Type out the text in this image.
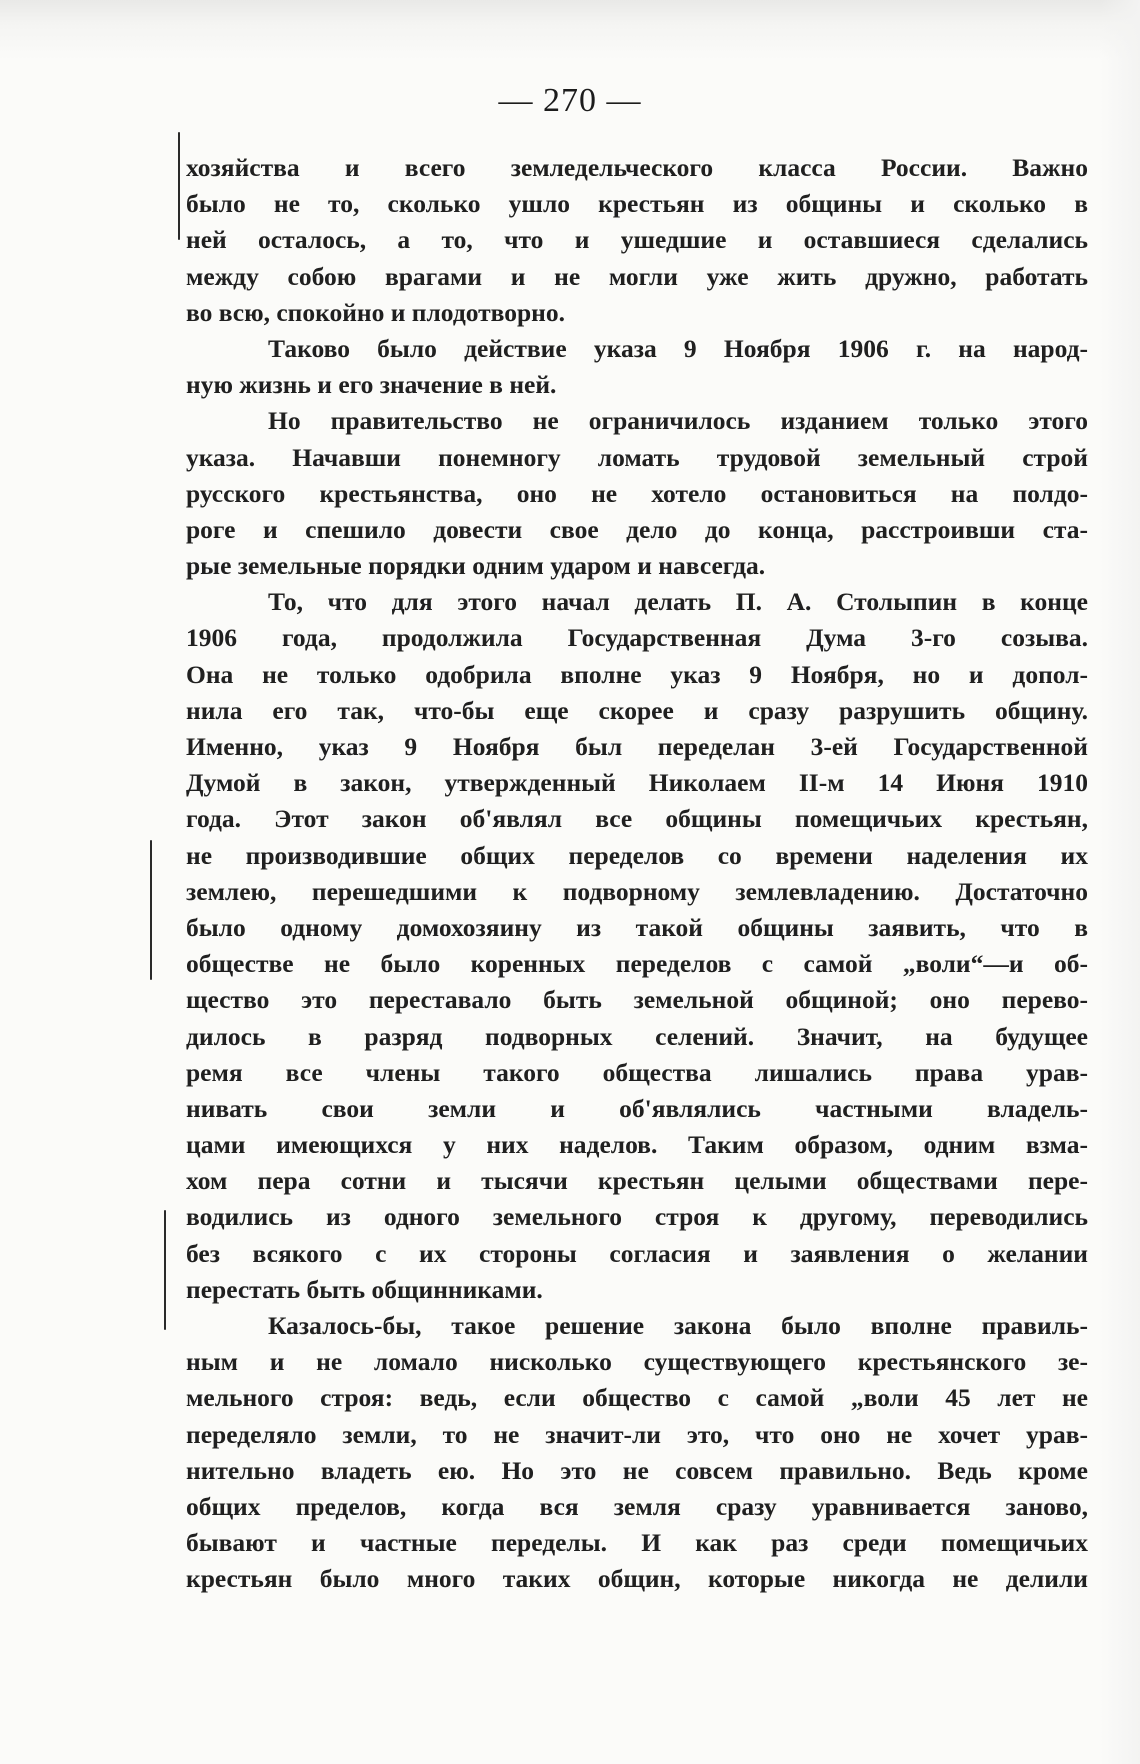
— 270 —
хозяйства и всего земледельческого класса России. Важно
было не то, сколько ушло крестьян из общины и сколько в
ней осталось, а то, что и ушедшие и оставшиеся сделались
между собою врагами и не могли уже жить дружно, работать
во всю, спокойно и плодотворно.
Таково было действие указа 9 Ноября 1906 г. на народ-
ную жизнь и его значение в ней.
Но правительство не ограничилось изданием только этого
указа. Начавши понемногу ломать трудовой земельный строй
русского крестьянства, оно не хотело остановиться на полдо-
роге и спешило довести свое дело до конца, расстроивши ста-
рые земельные порядки одним ударом и навсегда.
То, что для этого начал делать П. А. Столыпин в конце
1906 года, продолжила Государственная Дума 3-го созыва.
Она не только одобрила вполне указ 9 Ноября, но и допол-
нила его так, что-бы еще скорее и сразу разрушить общину.
Именно, указ 9 Ноября был переделан 3-ей Государственной
Думой в закон, утвержденный Николаем II-м 14 Июня 1910
года. Этот закон об'являл все общины помещичьих крестьян,
не производившие общих переделов со времени наделения их
землею, перешедшими к подворному землевладению. Достаточно
было одному домохозяину из такой общины заявить, что в
обществе не было коренных переделов с самой „воли“—и об-
щество это переставало быть земельной общиной; оно перево-
дилось в разряд подворных селений. Значит, на будущее
ремя все члены такого общества лишались права урав-
нивать свои земли и об'являлись частными владель-
цами имеющихся у них наделов. Таким образом, одним взма-
хом пера сотни и тысячи крестьян целыми обществами пере-
водились из одного земельного строя к другому, переводились
без всякого с их стороны согласия и заявления о желании
перестать быть общинниками.
Казалось-бы, такое решение закона было вполне правиль-
ным и не ломало нисколько существующего крестьянского зе-
мельного строя: ведь, если общество с самой „воли 45 лет не
переделяло земли, то не значит-ли это, что оно не хочет урав-
нительно владеть ею. Но это не совсем правильно. Ведь кроме
общих пределов, когда вся земля сразу уравнивается заново,
бывают и частные переделы. И как раз среди помещичьих
крестьян было много таких общин, которые никогда не делили
